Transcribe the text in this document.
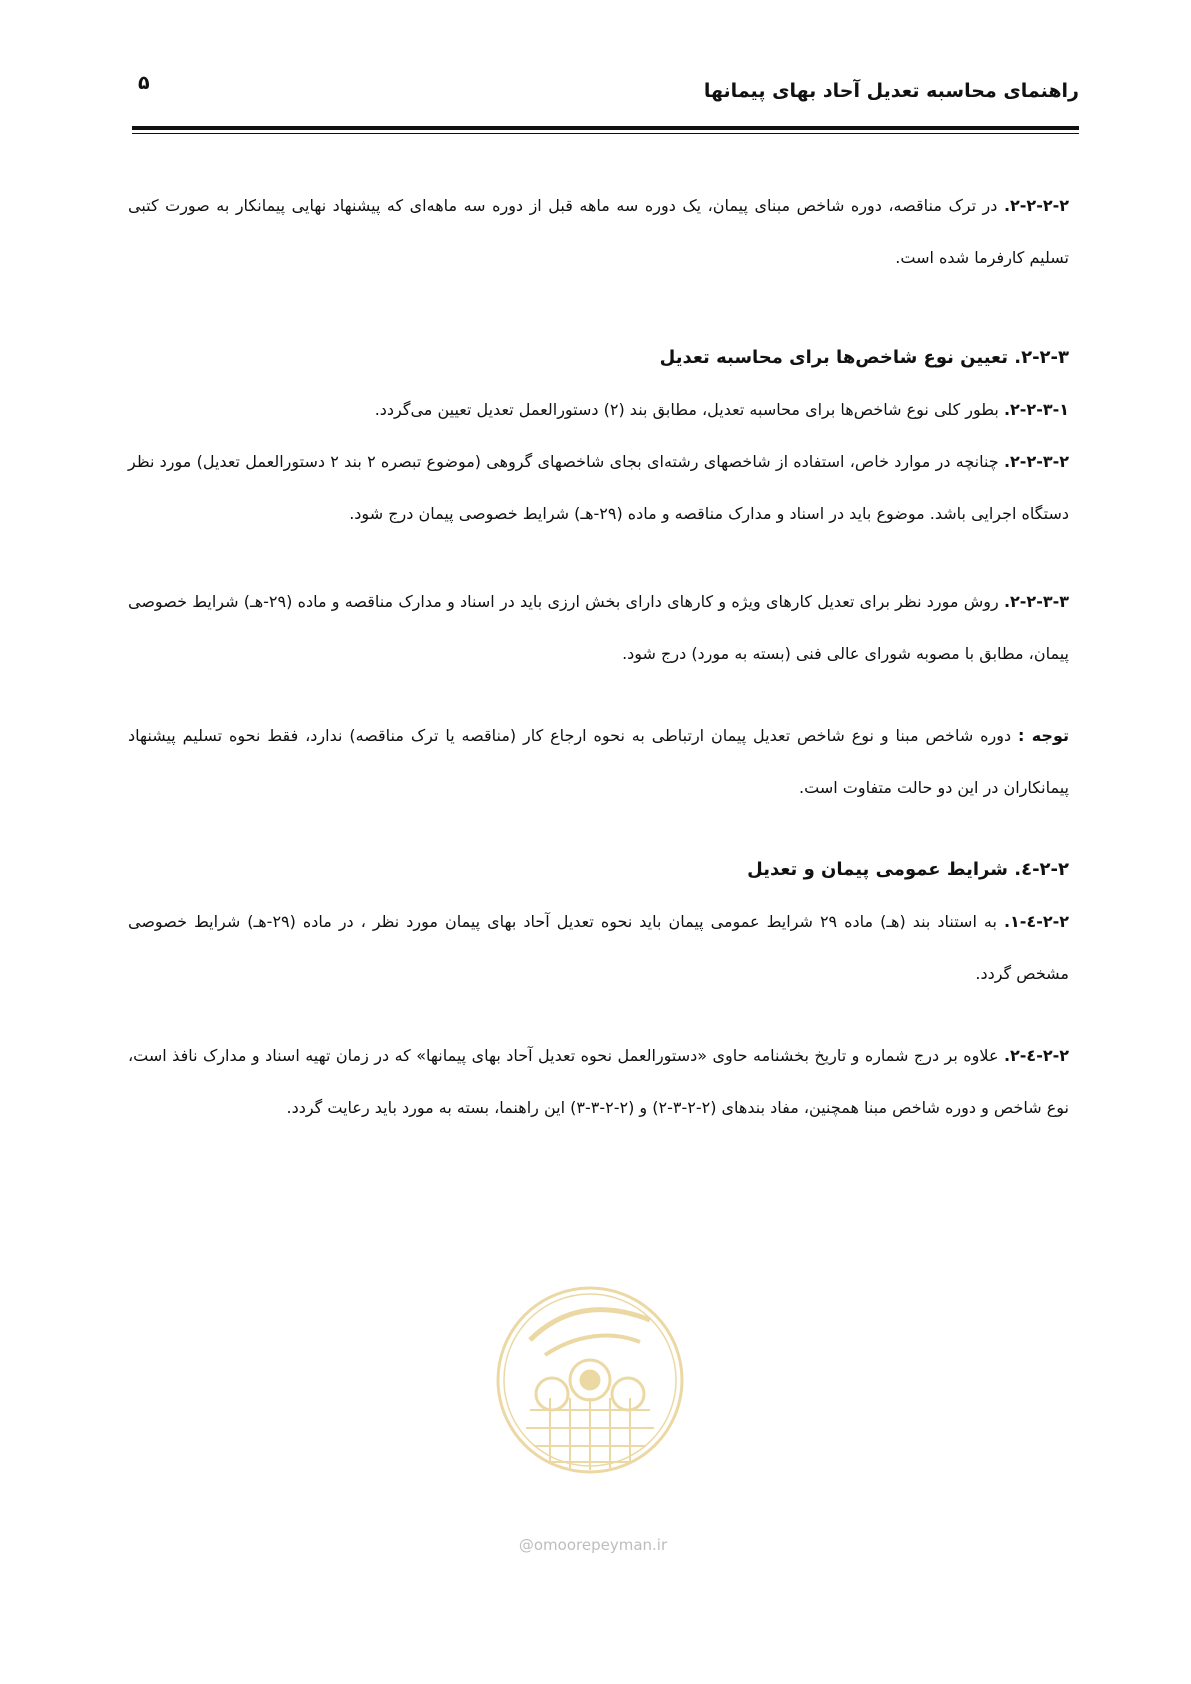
راهنمای محاسبه تعدیل آحاد بهای پیمانها
۵

۲-۲-۲-۲. در ترک مناقصه، دوره شاخص مبنای پیمان، یک دوره سه ماهه قبل از دوره سه ماهه‌ای که پیشنهاد نهایی پیمانکار به صورت کتبی تسلیم کارفرما شده است.

۲-۲-۳. تعیین نوع شاخص‌ها برای محاسبه تعدیل

۲-۲-۳-۱. بطور کلی نوع شاخص‌ها برای محاسبه تعدیل، مطابق بند (۲) دستورالعمل تعدیل تعیین می‌گردد.

۲-۲-۳-۲. چنانچه در موارد خاص، استفاده از شاخصهای رشته‌ای بجای شاخصهای گروهی (موضوع تبصره ۲ بند ۲ دستورالعمل تعدیل) مورد نظر دستگاه اجرایی باشد. موضوع باید در اسناد و مدارک مناقصه و ماده (۲۹-هـ) شرایط خصوصی پیمان درج شود.

۲-۲-۳-۳. روش مورد نظر برای تعدیل کارهای ویژه و کارهای دارای بخش ارزی باید در اسناد و مدارک مناقصه و ماده (۲۹-هـ) شرایط خصوصی پیمان، مطابق با مصوبه شورای عالی فنی (بسته به مورد) درج شود.

توجه : دوره شاخص مبنا و نوع شاخص تعدیل پیمان ارتباطی به نحوه ارجاع کار (مناقصه یا ترک مناقصه) ندارد، فقط نحوه تسلیم پیشنهاد پیمانکاران در این دو حالت متفاوت است.

۲-۲-٤. شرایط عمومی پیمان و تعدیل

۲-۲-٤-۱. به استناد بند (هـ) ماده ۲۹ شرایط عمومی پیمان باید نحوه تعدیل آحاد بهای پیمان مورد نظر ، در ماده (۲۹-هـ) شرایط خصوصی مشخص گردد.

۲-۲-٤-۲. علاوه بر درج شماره و تاریخ بخشنامه حاوی «دستورالعمل نحوه تعدیل آحاد بهای پیمانها» که در زمان تهیه اسناد و مدارک نافذ است، نوع شاخص و دوره شاخص مبنا همچنین، مفاد بندهای (۲-۲-۳-۲) و (۲-۲-۳-۳) این راهنما، بسته به مورد باید رعایت گردد.

@omoorepeyman.ir
